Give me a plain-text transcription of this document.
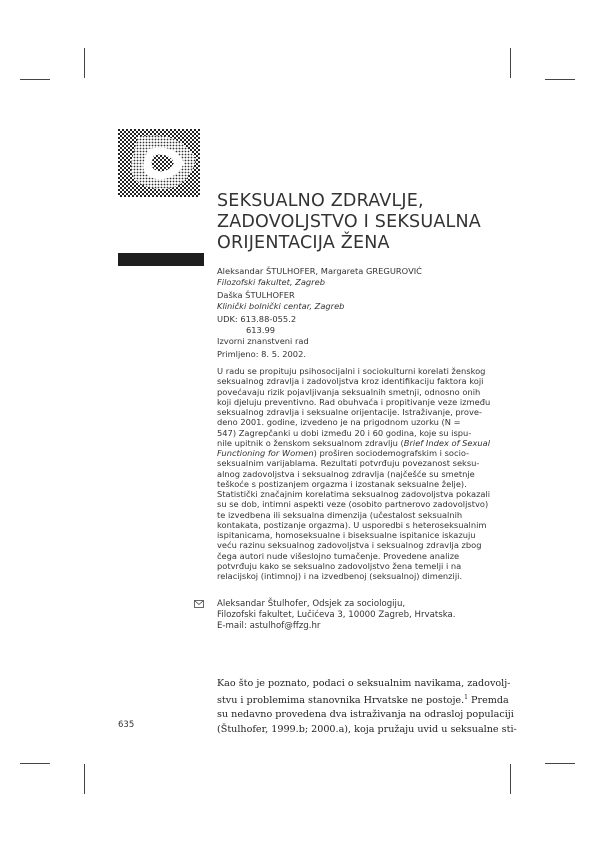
SEKSUALNO ZDRAVLJE,
ZADOVOLJSTVO I SEKSUALNA
ORIJENTACIJA ŽENA
Aleksandar ŠTULHOFER, Margareta GREGUROVIĆ
Filozofski fakultet, Zagreb
Daška ŠTULHOFER
Klinički bolnički centar, Zagreb
UDK: 613.88-055.2
613.99
Izvorni znanstveni rad
Primljeno: 8. 5. 2002.
U radu se propituju psihosocijalni i sociokulturni korelati ženskog
seksualnog zdravlja i zadovoljstva kroz identifikaciju faktora koji
povećavaju rizik pojavljivanja seksualnih smetnji, odnosno onih
koji djeluju preventivno. Rad obuhvaća i propitivanje veze između
seksualnog zdravlja i seksualne orijentacije. Istraživanje, prove-
deno 2001. godine, izvedeno je na prigodnom uzorku (N =
547) Zagrepčanki u dobi između 20 i 60 godina, koje su ispu-
nile upitnik o ženskom seksualnom zdravlju (Brief Index of Sexual
Functioning for Women) proširen sociodemografskim i socio-
seksualnim varijablama. Rezultati potvrđuju povezanost seksu-
alnog zadovoljstva i seksualnog zdravlja (najčešće su smetnje
teškoće s postizanjem orgazma i izostanak seksualne želje).
Statistički značajnim korelatima seksualnog zadovoljstva pokazali
su se dob, intimni aspekti veze (osobito partnerovo zadovoljstvo)
te izvedbena ili seksualna dimenzija (učestalost seksualnih
kontakata, postizanje orgazma). U usporedbi s heteroseksualnim
ispitanicama, homoseksualne i biseksualne ispitanice iskazuju
veću razinu seksualnog zadovoljstva i seksualnog zdravlja zbog
čega autori nude višeslojno tumačenje. Provedene analize
potvrđuju kako se seksualno zadovoljstvo žena temelji i na
relacijskoj (intimnoj) i na izvedbenoj (seksualnoj) dimenziji.
Aleksandar Štulhofer, Odsjek za sociologiju,
Filozofski fakultet, Lučićeva 3, 10000 Zagreb, Hrvatska.
E-mail: astulhof@ffzg.hr
Kao što je poznato, podaci o seksualnim navikama, zadovolj-
stvu i problemima stanovnika Hrvatske ne postoje.$^1$ Premda
su nedavno provedena dva istraživanja na odrasloj populaciji
(Štulhofer, 1999.b; 2000.a), koja pružaju uvid u seksualne sti-
635
